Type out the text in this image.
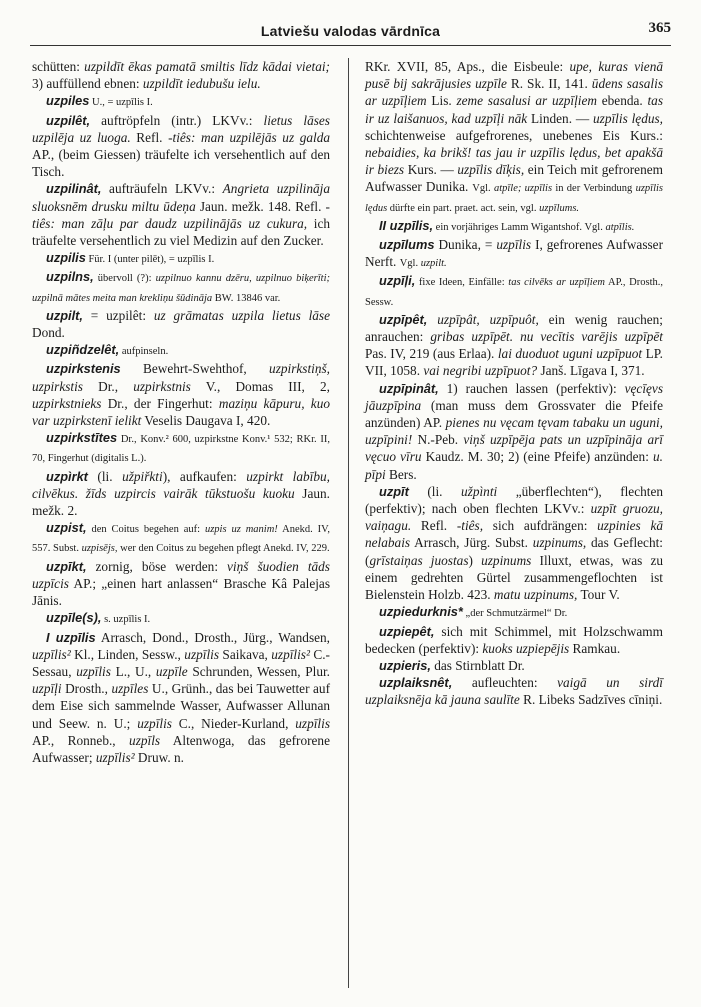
Latviešu valodas vārdnīca	365

schütten: uzpildīt ēkas pamatā smiltis līdz kādai vietai; 3) auffüllend ebnen: uzpildīt iedubušu ielu.

uzpiles U., = uzpīlis I.

uzpilêt, auftröpfeln (intr.) LKVv.: lietus lāses uzpilēja uz luoga. Refl. -tiês: man uzpilējās uz galda AP., (beim Giessen) träufelte ich versehentlich auf den Tisch.

uzpilinât, aufträufeln LKVv.: Angrieta uzpilināja sluoksnēm drusku miltu ūdeņa Jaun. mežk. 148. Refl. -tiês: man zāļu par daudz uzpilinājās uz cukura, ich träufelte versehentlich zu viel Medizin auf den Zucker.

uzpilis Für. I (unter pilēt), = uzpīlis I.

uzpilns, übervoll (?): uzpilnuo kannu dzēru, uzpilnuo biķerīti; uzpilnā mātes meita man krekliņu šūdināja BW. 13846 var.

uzpilt, = uzpilêt: uz grāmatas uzpila lietus lāse Dond.

uzpiñdzelêt, aufpinseln.

uzpirkstenis Bewehrt-Swehthof, uzpirkstiņš, uzpirkstis Dr., uzpirkstnis V., Domas III, 2, uzpirkstnieks Dr., der Fingerhut: maziņu kāpuru, kuo var uzpirkstenī ielikt Veselis Daugava I, 420.

uzpirkstītes Dr., Konv.² 600, uzpirkstne Konv.¹ 532; RKr. II, 70, Fingerhut (digitalis L.).

uzpìrkt (li. užpiřkti), aufkaufen: uzpirkt labību, cilvēkus. žīds uzpircis vairāk tūkstuošu kuoku Jaun. mežk. 2.

uzpist, den Coitus begehen auf: uzpis uz manim! Anekd. IV, 557. Subst. uzpisējs, wer den Coitus zu begehen pflegt Anekd. IV, 229.

uzpīkt, zornig, böse werden: viņš šuodien tāds uzpīcis AP.; „einen hart anlassen“ Brasche Kâ Palejas Jānis.

uzpīle(s), s. uzpīlis I.

I uzpīlis Arrasch, Dond., Drosth., Jürg., Wandsen, uzpīlis² Kl., Linden, Sessw., uzpīlis Saikava, uzpīlis² C.-Sessau, uzpīlis L., U., uzpīle Schrunden, Wessen, Plur. uzpīļi Drosth., uzpīles U., Grünh., das bei Tauwetter auf dem Eise sich sammelnde Wasser, Aufwasser Allunan und Seew. n. U.; uzpīlis C., Nieder-Kurland, uzpīlis AP., Ronneb., uzpīls Altenwoga, das gefrorene Aufwasser; uzpīlis² Druw. n.

RKr. XVII, 85, Aps., die Eisbeule: upe, kuras vienā pusē bij sakrājusies uzpīle R. Sk. II, 141. ūdens sasalis ar uzpīļiem Lis. zeme sasalusi ar uzpīļiem ebenda. tas ir uz laišanuos, kad uzpīļi nāk Linden. — uzpīlis lędus, schichtenweise aufgefrorenes, unebenes Eis Kurs.: nebaidies, ka brikš! tas jau ir uzpīlis lędus, bet apakšā ir biezs Kurs. — uzpīlis dīķis, ein Teich mit gefrorenem Aufwasser Dunika. Vgl. atpīle; uzpīlis in der Verbindung uzpīlis lędus dürfte ein part. praet. act. sein, vgl. uzpīlums.

II uzpīlis, ein vorjähriges Lamm Wigantshof. Vgl. atpīlis.

uzpīlums Dunika, = uzpīlis I, gefrorenes Aufwasser Nerft. Vgl. uzpilt.

uzpīļi, fixe Ideen, Einfälle: tas cilvēks ar uzpīļiem AP., Drosth., Sessw.

uzpīpêt, uzpīpât, uzpīpuôt, ein wenig rauchen; anrauchen: gribas uzpīpēt. nu vecītis varējis uzpīpēt Pas. IV, 219 (aus Erlaa). lai duoduot uguni uzpīpuot LP. VII, 1058. vai negribi uzpīpuot? Janš. Līgava I, 371.

uzpīpinât, 1) rauchen lassen (perfektiv): vęcīęvs jāuzpīpina (man muss dem Grossvater die Pfeife anzünden) AP. pienes nu vęcam tęvam tabaku un uguni, uzpīpini! N.-Peb. viņš uzpīpēja pats un uzpīpināja arī vęcuo vīru Kaudz. M. 30; 2) (eine Pfeife) anzünden: u. pīpi Bers.

uzpīt (li. užpìnti „überflechten“), flechten (perfektiv); nach oben flechten LKVv.: uzpīt gruozu, vaiņagu. Refl. -tiês, sich aufdrängen: uzpinies kā nelabais Arrasch, Jürg. Subst. uzpinums, das Geflecht: (grīstaiņas juostas) uzpinums Illuxt, etwas, was zu einem gedrehten Gürtel zusammengeflochten ist Bielenstein Holzb. 423. matu uzpinums, Tour V.

uzpiedurknis* „der Schmutzärmel“ Dr.

uzpiepêt, sich mit Schimmel, mit Holzschwamm bedecken (perfektiv): kuoks uzpiepējis Ramkau.

uzpieris, das Stirnblatt Dr.

uzplaiksnêt, aufleuchten: vaigā un sirdī uzplaiksnēja kā jauna saulīte R. Libeks Sadzīves cīniņi.
